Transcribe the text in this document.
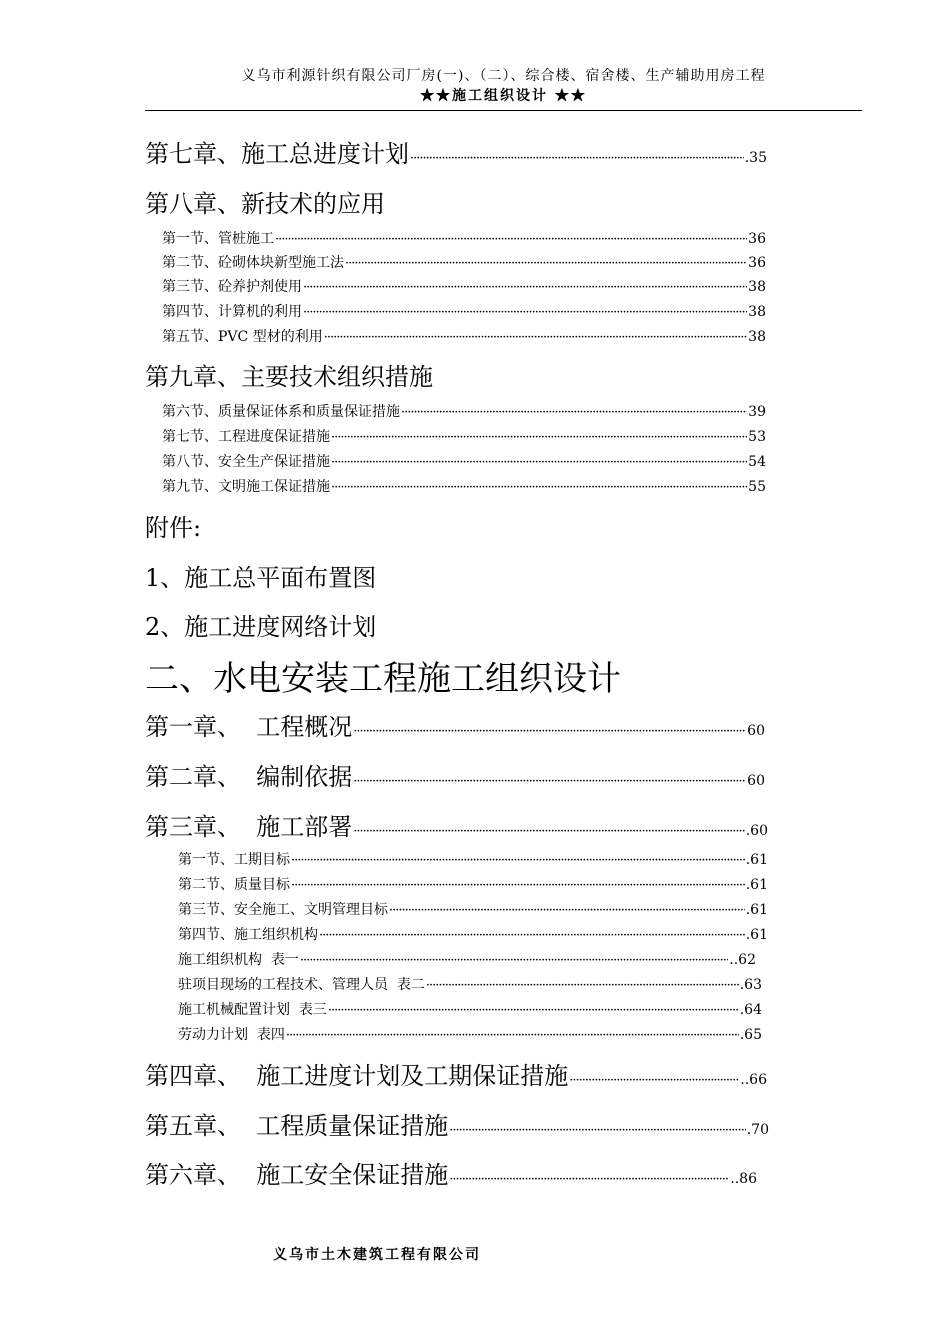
义乌市利源针织有限公司厂房(一)、（二）、综合楼、宿舍楼、生产辅助用房工程
★★施工组织设计 ★★
第七章、施工总进度计划 ·····	.35
第八章、新技术的应用
第一节、管桩施工 ·····	36
第二节、砼砌体块新型施工法 ·····	36
第三节、砼养护剂使用 ·····	38
第四节、计算机的利用 ·····	38
第五节、PVC 型材的利用 ·····	38
第九章、主要技术组织措施
第六节、质量保证体系和质量保证措施 ·····	39
第七节、工程进度保证措施 ·····	53
第八节、安全生产保证措施 ·····	54
第九节、文明施工保证措施 ·····	55
附件:
1、施工总平面布置图
2、施工进度网络计划
二、水电安装工程施工组织设计
第一章、  工程概况 ·····	60
第二章、  编制依据 ·····	60
第三章、  施工部署 ·····	.60
第一节、工期目标 ·····	.61
第二节、质量目标 ·····	.61
第三节、安全施工、文明管理目标 ·····	.61
第四节、施工组织机构 ·····	.61
施工组织机构  表一 ·····	..62
驻项目现场的工程技术、管理人员  表二 ·····	.63
施工机械配置计划  表三 ·····	.64
劳动力计划  表四 ·····	.65
第四章、  施工进度计划及工期保证措施 ·····	..66
第五章、  工程质量保证措施 ·····	.70
第六章、  施工安全保证措施 ·····	..86
义乌市土木建筑工程有限公司
